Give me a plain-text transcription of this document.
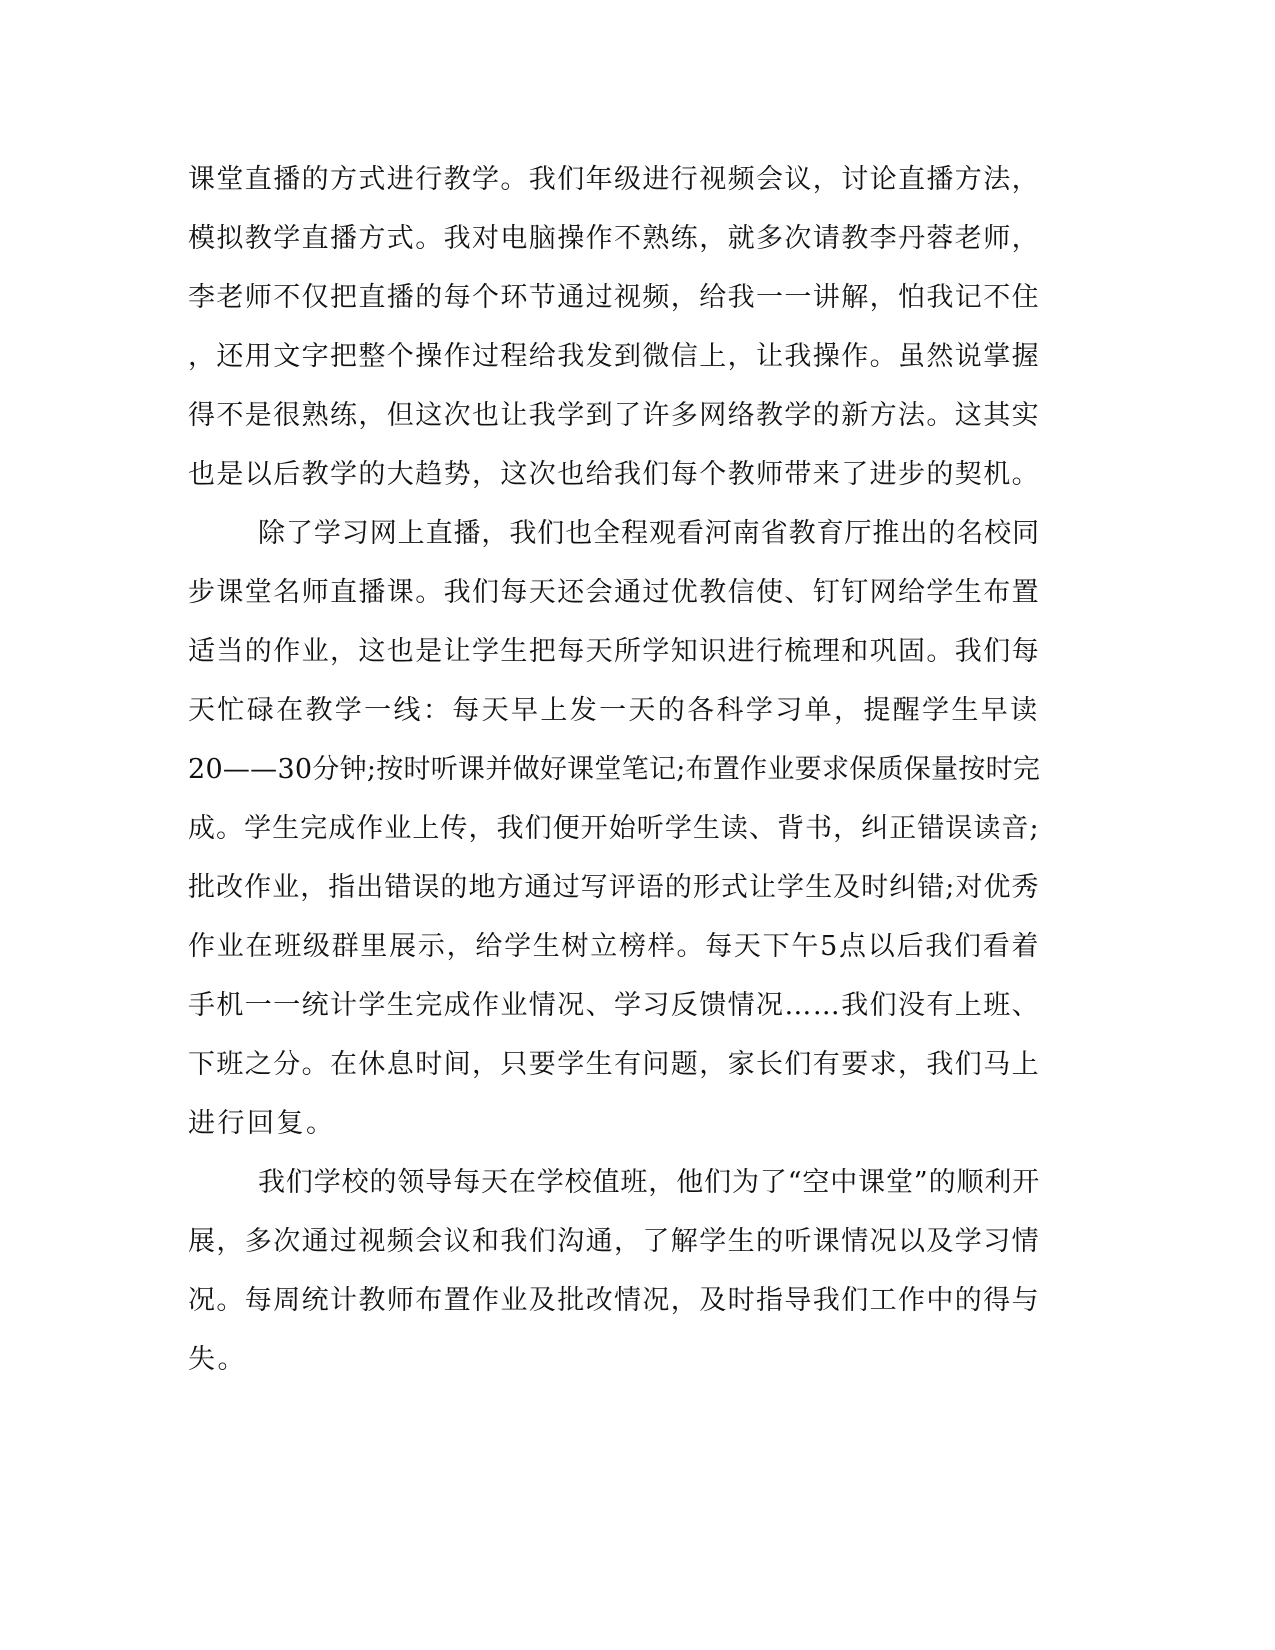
课堂直播的方式进行教学。我们年级进行视频会议，讨论直播方法，
模拟教学直播方式。我对电脑操作不熟练，就多次请教李丹蓉老师，
李老师不仅把直播的每个环节通过视频，给我一一讲解，怕我记不住
，还用文字把整个操作过程给我发到微信上，让我操作。虽然说掌握
得不是很熟练，但这次也让我学到了许多网络教学的新方法。这其实
也是以后教学的大趋势，这次也给我们每个教师带来了进步的契机。
除了学习网上直播，我们也全程观看河南省教育厅推出的名校同
步课堂名师直播课。我们每天还会通过优教信使、钉钉网给学生布置
适当的作业，这也是让学生把每天所学知识进行梳理和巩固。我们每
天忙碌在教学一线：每天早上发一天的各科学习单，提醒学生早读
20——30分钟;按时听课并做好课堂笔记;布置作业要求保质保量按时完
成。学生完成作业上传，我们便开始听学生读、背书，纠正错误读音;
批改作业，指出错误的地方通过写评语的形式让学生及时纠错;对优秀
作业在班级群里展示，给学生树立榜样。每天下午5点以后我们看着
手机一一统计学生完成作业情况、学习反馈情况……我们没有上班、
下班之分。在休息时间，只要学生有问题，家长们有要求，我们马上
进行回复。
我们学校的领导每天在学校值班，他们为了“空中课堂”的顺利开
展，多次通过视频会议和我们沟通，了解学生的听课情况以及学习情
况。每周统计教师布置作业及批改情况，及时指导我们工作中的得与
失。
